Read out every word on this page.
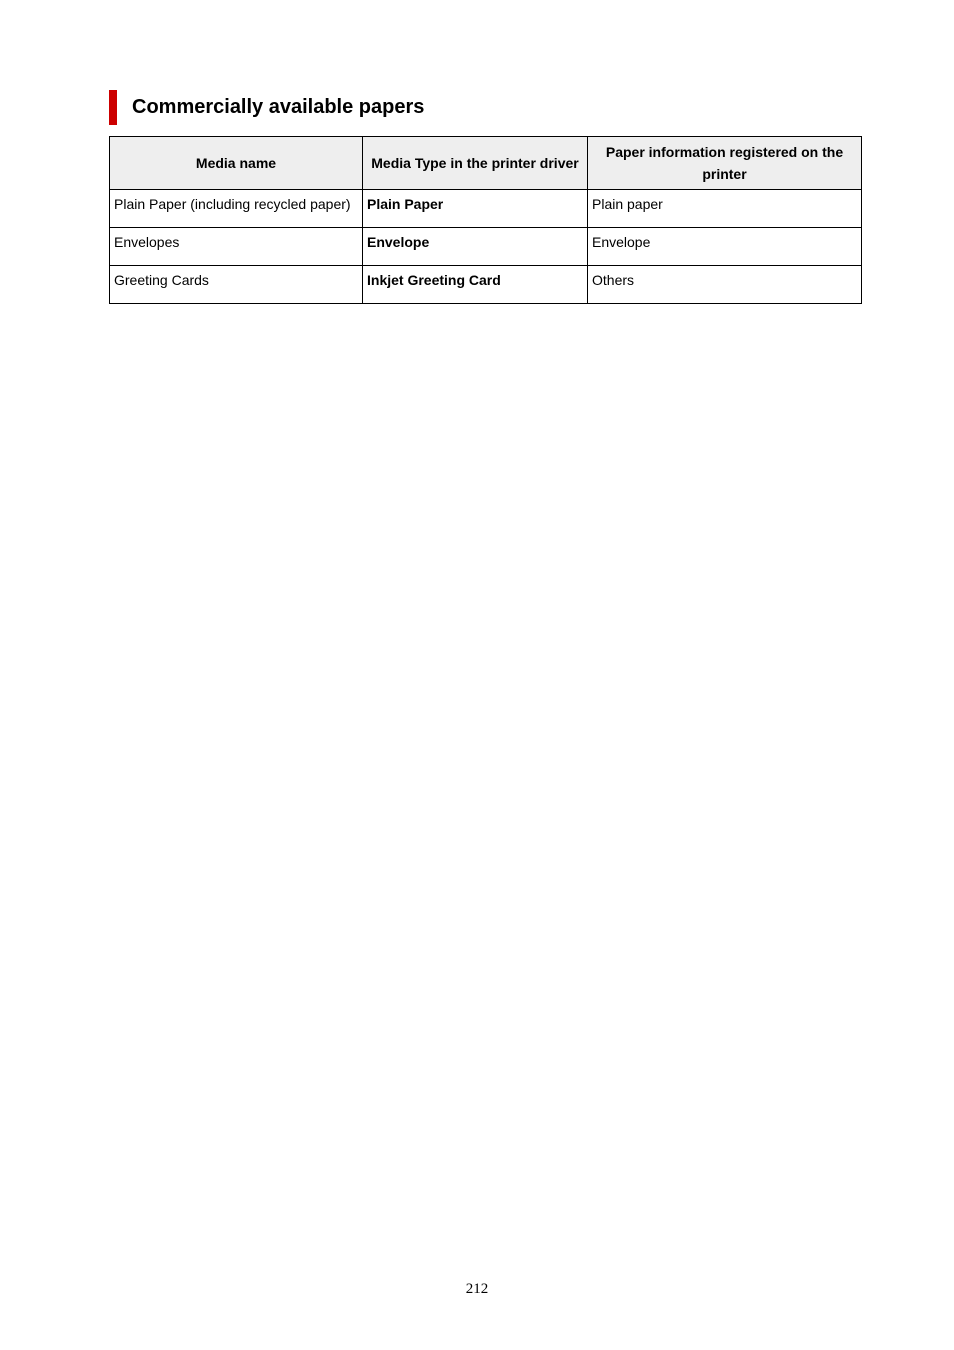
Commercially available papers
Media name	Media Type in the printer driver	Paper information registered on the printer
Plain Paper (including recycled paper)	Plain Paper	Plain paper
Envelopes	Envelope	Envelope
Greeting Cards	Inkjet Greeting Card	Others
212
